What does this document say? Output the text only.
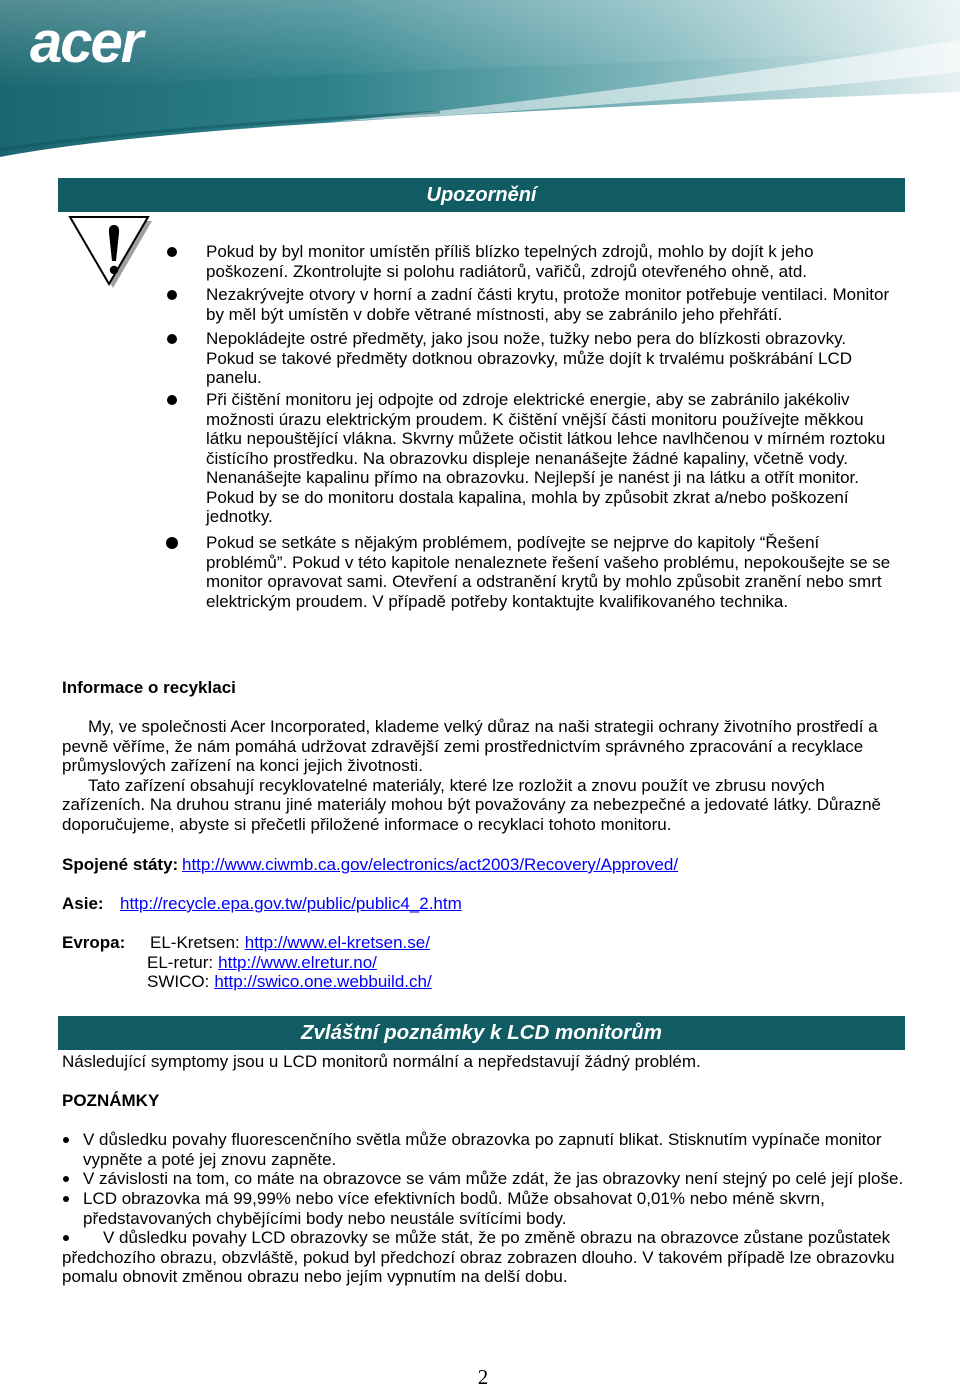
acer
Upozornění
Pokud by byl monitor umístěn příliš blízko tepelných zdrojů, mohlo by dojít k jeho
poškození. Zkontrolujte si polohu radiátorů, vařičů, zdrojů otevřeného ohně, atd.
Nezakrývejte otvory v horní a zadní části krytu, protože monitor potřebuje ventilaci. Monitor
by měl být umístěn v dobře větrané místnosti, aby se zabránilo jeho přehřátí.
Nepokládejte ostré předměty, jako jsou nože, tužky nebo pera do blízkosti obrazovky.
Pokud se takové předměty dotknou obrazovky, může dojít k trvalému poškrábání LCD
panelu.
Při čištění monitoru jej odpojte od zdroje elektrické energie, aby se zabránilo jakékoliv
možnosti úrazu elektrickým proudem. K čištění vnější části monitoru používejte měkkou
látku nepouštějící vlákna. Skvrny můžete očistit látkou lehce navlhčenou v mírném roztoku
čistícího prostředku. Na obrazovku displeje nenanášejte žádné kapaliny, včetně vody.
Nenanášejte kapalinu přímo na obrazovku. Nejlepší je nanést ji na látku a otřít monitor.
Pokud by se do monitoru dostala kapalina, mohla by způsobit zkrat a/nebo poškození
jednotky.
Pokud se setkáte s nějakým problémem, podívejte se nejprve do kapitoly “Řešení
problémů”. Pokud v této kapitole nenaleznete řešení vašeho problému, nepokoušejte se se
monitor opravovat sami. Otevření a odstranění krytů by mohlo způsobit zranění nebo smrt
elektrickým proudem. V případě potřeby kontaktujte kvalifikovaného technika.
Informace o recyklaci
My, ve společnosti Acer Incorporated, klademe velký důraz na naši strategii ochrany životního prostředí a
pevně věříme, že nám pomáhá udržovat zdravější zemi prostřednictvím správného zpracování a recyklace
průmyslových zařízení na konci jejich životnosti.
Tato zařízení obsahují recyklovatelné materiály, které lze rozložit a znovu použít ve zbrusu nových
zařízeních. Na druhou stranu jiné materiály mohou být považovány za nebezpečné a jedovaté látky. Důrazně
doporučujeme, abyste si přečetli přiložené informace o recyklaci tohoto monitoru.
Spojené státy: http://www.ciwmb.ca.gov/electronics/act2003/Recovery/Approved/
Asie: http://recycle.epa.gov.tw/public/public4_2.htm
Evropa: EL-Kretsen: http://www.el-kretsen.se/
EL-retur: http://www.elretur.no/
SWICO: http://swico.one.webbuild.ch/
Zvláštní poznámky k LCD monitorům
Následující symptomy jsou u LCD monitorů normální a nepředstavují žádný problém.
POZNÁMKY
V důsledku povahy fluorescenčního světla může obrazovka po zapnutí blikat. Stisknutím vypínače monitor
vypněte a poté jej znovu zapněte.
V závislosti na tom, co máte na obrazovce se vám může zdát, že jas obrazovky není stejný po celé její ploše.
LCD obrazovka má 99,99% nebo více efektivních bodů. Může obsahovat 0,01% nebo méně skvrn,
představovaných chybějícími body nebo neustále svítícími body.
V důsledku povahy LCD obrazovky se může stát, že po změně obrazu na obrazovce zůstane pozůstatek
předchozího obrazu, obzvláště, pokud byl předchozí obraz zobrazen dlouho. V takovém případě lze obrazovku
pomalu obnovit změnou obrazu nebo jejím vypnutím na delší dobu.
2
